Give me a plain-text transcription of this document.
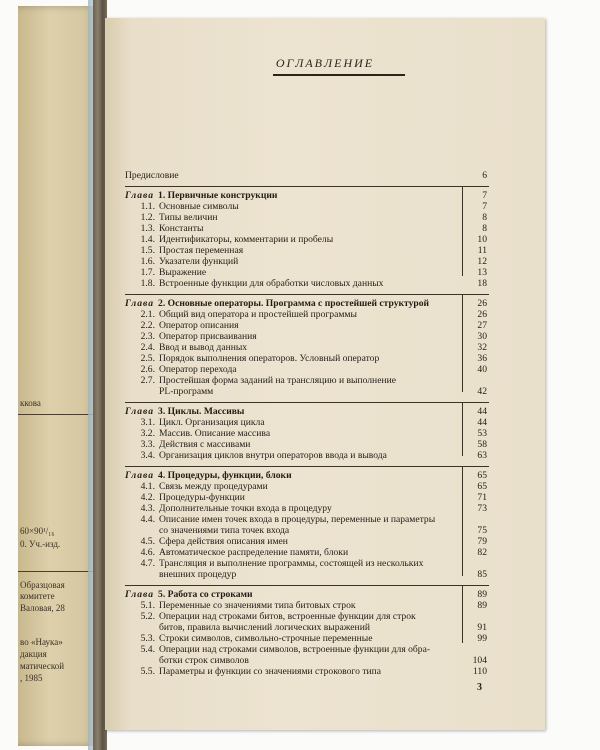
ккова
60×90¹/₁₆
0. Уч.-изд.
Образцовая
комитете
Валовая, 28
во «Наука»
дакция
матической
, 1985
ОГЛАВЛЕНИЕ
Предисловие	6
Глава 1. Первичные конструкции	7
1.1. Основные символы	7
1.2. Типы величин	8
1.3. Константы	8
1.4. Идентификаторы, комментарии и пробелы	10
1.5. Простая переменная	11
1.6. Указатели функций	12
1.7. Выражение	13
1.8. Встроенные функции для обработки числовых данных	18
Глава 2. Основные операторы. Программа с простейшей структурой	26
2.1. Общий вид оператора и простейшей программы	26
2.2. Оператор описания	27
2.3. Оператор присваивания	30
2.4. Ввод и вывод данных	32
2.5. Порядок выполнения операторов. Условный оператор	36
2.6. Оператор перехода	40
2.7. Простейшая форма заданий на трансляцию и выполнение
PL-программ	42
Глава 3. Циклы. Массивы	44
3.1. Цикл. Организация цикла	44
3.2. Массив. Описание массива	53
3.3. Действия с массивами	58
3.4. Организация циклов внутри операторов ввода и вывода	63
Глава 4. Процедуры, функции, блоки	65
4.1. Связь между процедурами	65
4.2. Процедуры-функции	71
4.3. Дополнительные точки входа в процедуру	73
4.4. Описание имен точек входа в процедуры, переменные и параметры
со значениями типа точек входа	75
4.5. Сфера действия описания имен	79
4.6. Автоматическое распределение памяти, блоки	82
4.7. Трансляция и выполнение программы, состоящей из нескольких
внешних процедур	85
Глава 5. Работа со строками	89
5.1. Переменные со значениями типа битовых строк	89
5.2. Операции над строками битов, встроенные функции для строк
битов, правила вычислений логических выражений	91
5.3. Строки символов, символьно-строчные переменные	99
5.4. Операции над строками символов, встроенные функции для обра-
ботки строк символов	104
5.5. Параметры и функции со значениями строкового типа	110
3
